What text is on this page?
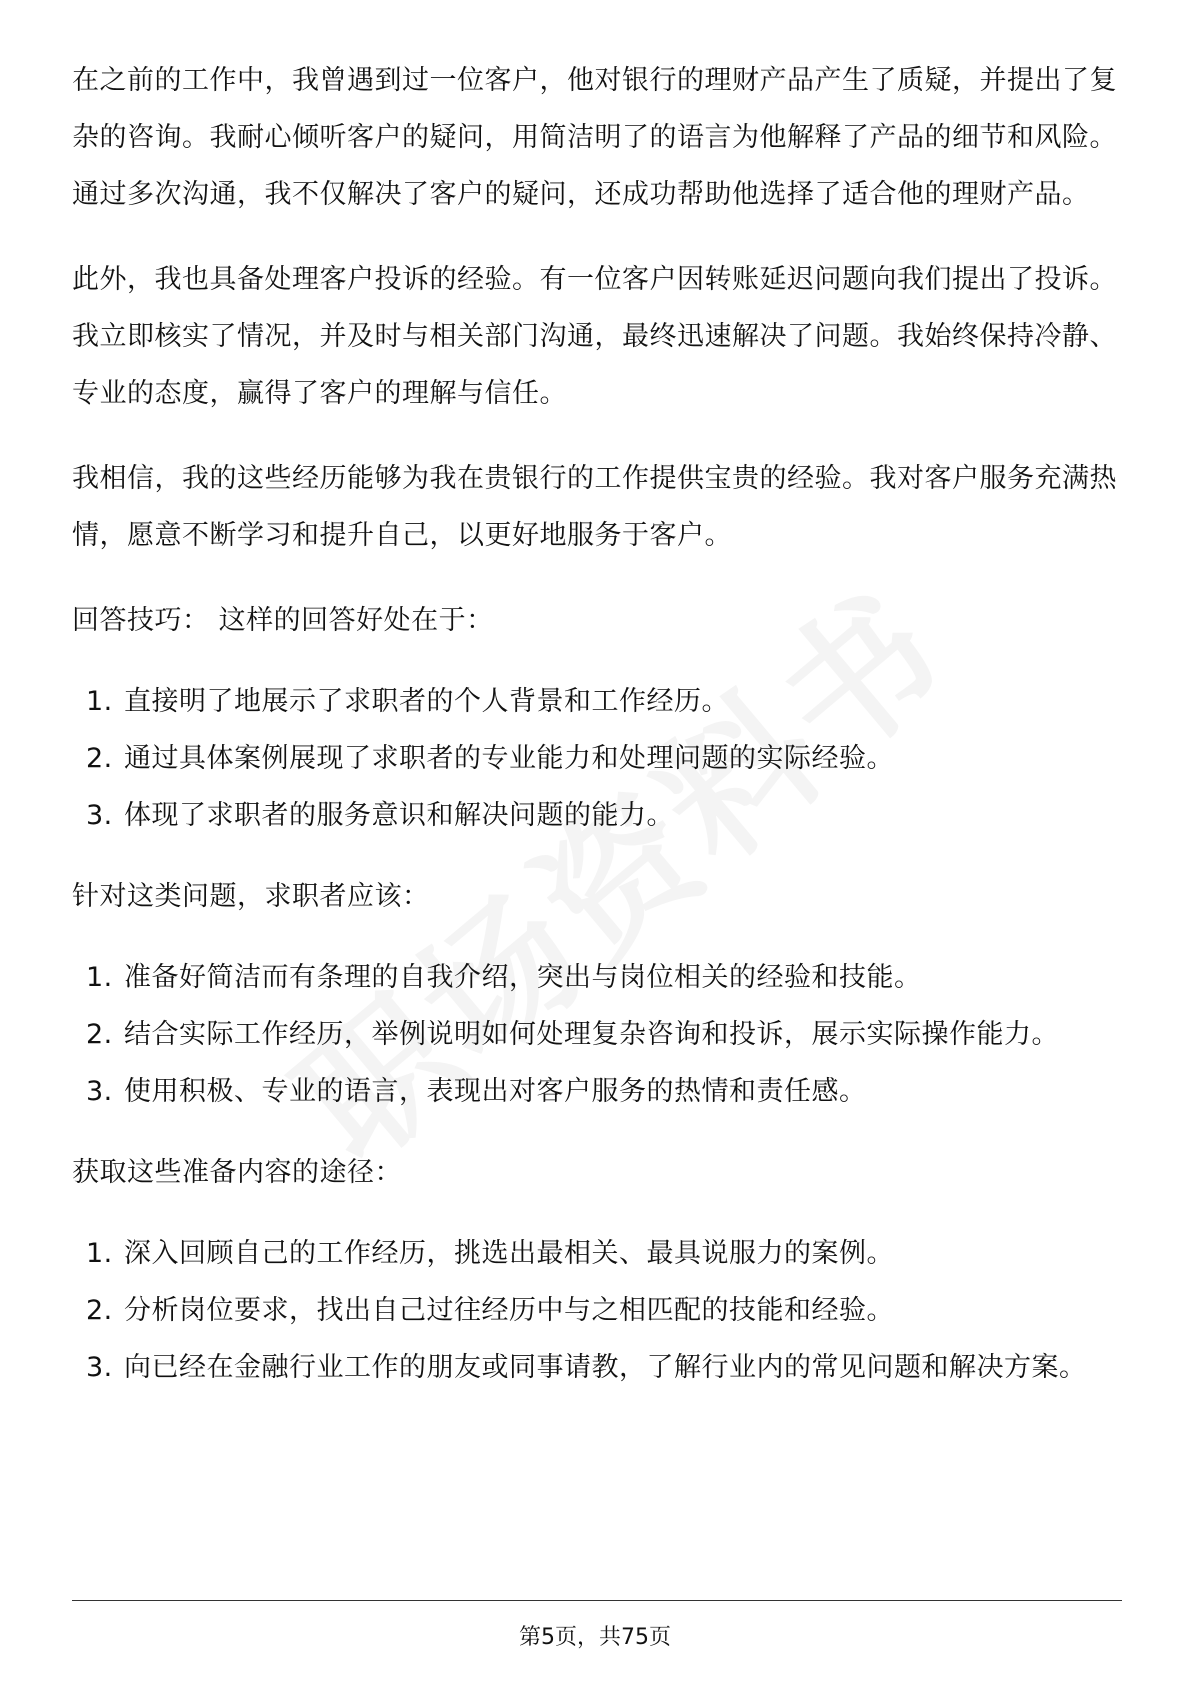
在之前的工作中，我曾遇到过一位客户，他对银行的理财产品产生了质疑，并提出了复杂的咨询。我耐心倾听客户的疑问，用简洁明了的语言为他解释了产品的细节和风险。通过多次沟通，我不仅解决了客户的疑问，还成功帮助他选择了适合他的理财产品。

此外，我也具备处理客户投诉的经验。有一位客户因转账延迟问题向我们提出了投诉。我立即核实了情况，并及时与相关部门沟通，最终迅速解决了问题。我始终保持冷静、专业的态度，赢得了客户的理解与信任。

我相信，我的这些经历能够为我在贵银行的工作提供宝贵的经验。我对客户服务充满热情，愿意不断学习和提升自己，以更好地服务于客户。

回答技巧： 这样的回答好处在于：
1. 直接明了地展示了求职者的个人背景和工作经历。
2. 通过具体案例展现了求职者的专业能力和处理问题的实际经验。
3. 体现了求职者的服务意识和解决问题的能力。
针对这类问题，求职者应该：
1. 准备好简洁而有条理的自我介绍，突出与岗位相关的经验和技能。
2. 结合实际工作经历，举例说明如何处理复杂咨询和投诉，展示实际操作能力。
3. 使用积极、专业的语言，表现出对客户服务的热情和责任感。
获取这些准备内容的途径：
1. 深入回顾自己的工作经历，挑选出最相关、最具说服力的案例。
2. 分析岗位要求，找出自己过往经历中与之相匹配的技能和经验。
3. 向已经在金融行业工作的朋友或同事请教，了解行业内的常见问题和解决方案。
第5页，共75页
